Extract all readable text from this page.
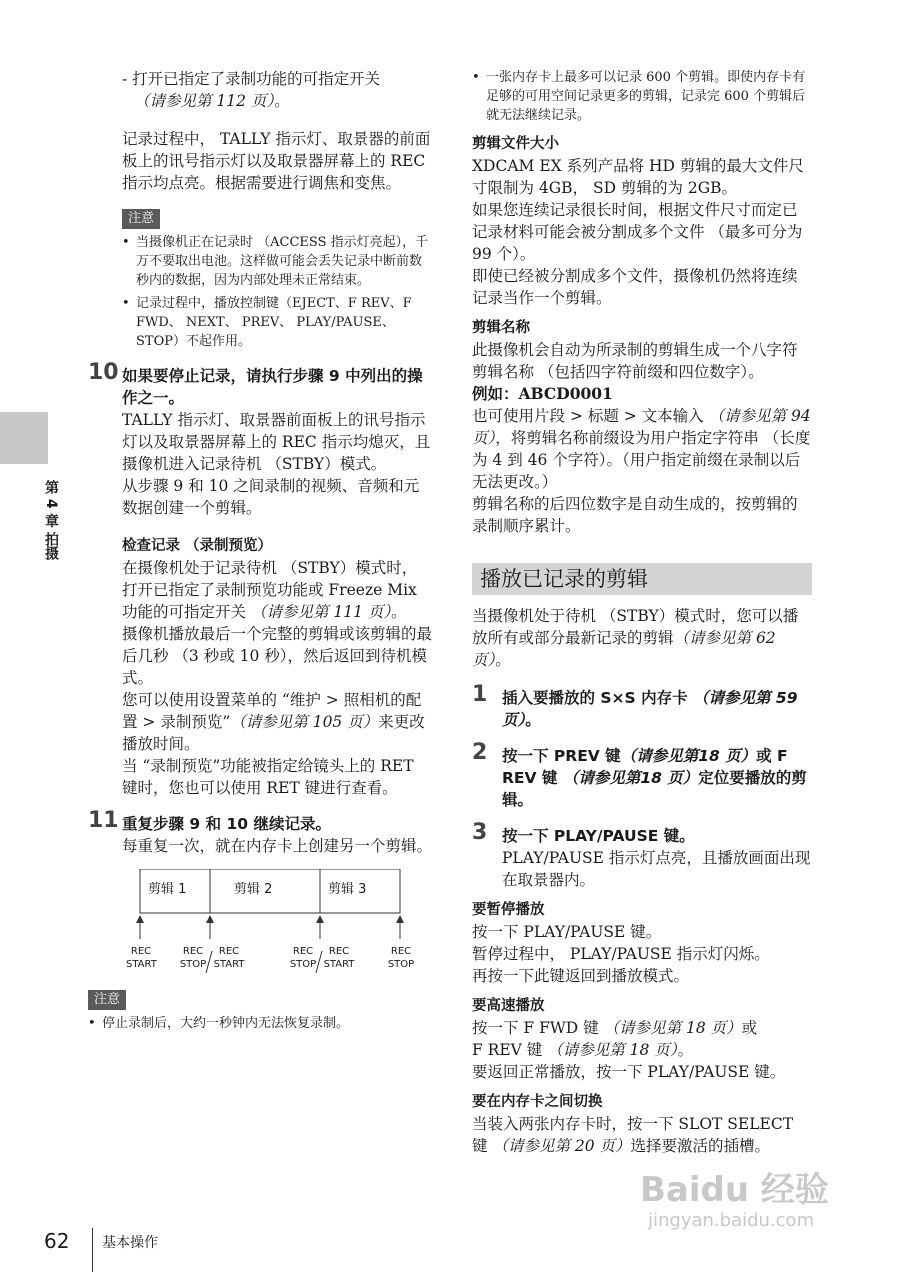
第 4 章 拍摄

- 打开已指定了录制功能的可指定开关
（请参见第 112 页）。

记录过程中， TALLY 指示灯、取景器的前面板上的讯号指示灯以及取景器屏幕上的 REC 指示均点亮。根据需要进行调焦和变焦。

注意

• 当摄像机正在记录时 （ACCESS 指示灯亮起），千万不要取出电池。这样做可能会丢失记录中断前数秒内的数据，因为内部处理未正常结束。

• 记录过程中，播放控制键（EJECT、F REV、F FWD、 NEXT、 PREV、 PLAY/PAUSE、STOP）不起作用。

10 如果要停止记录，请执行步骤 9 中列出的操作之一。

TALLY 指示灯、取景器前面板上的讯号指示灯以及取景器屏幕上的 REC 指示均熄灭，且摄像机进入记录待机 （STBY）模式。

从步骤 9 和 10 之间录制的视频、音频和元数据创建一个剪辑。

检查记录 （录制预览）

在摄像机处于记录待机 （STBY）模式时，打开已指定了录制预览功能或 Freeze Mix 功能的可指定开关 （请参见第 111 页）。

摄像机播放最后一个完整的剪辑或该剪辑的最后几秒 （3 秒或 10 秒），然后返回到待机模式。

您可以使用设置菜单的 “维护 > 照相机的配置 > 录制预览”（请参见第 105 页）来更改播放时间。

当 “录制预览”功能被指定给镜头上的 RET 键时，您也可以使用 RET 键进行查看。

11 重复步骤 9 和 10 继续记录。

每重复一次，就在内存卡上创建另一个剪辑。

剪辑 1	剪辑 2	剪辑 3
REC
START
REC
STOP
REC
START
REC
STOP
REC
START
REC
STOP
注意

• 停止录制后，大约一秒钟内无法恢复录制。

• 一张内存卡上最多可以记录 600 个剪辑。即使内存卡有足够的可用空间记录更多的剪辑，记录完 600 个剪辑后就无法继续记录。

剪辑文件大小

XDCAM EX 系列产品将 HD 剪辑的最大文件尺寸限制为 4GB， SD 剪辑的为 2GB。

如果您连续记录很长时间，根据文件尺寸而定已记录材料可能会被分割成多个文件 （最多可分为 99 个）。

即使已经被分割成多个文件，摄像机仍然将连续记录当作一个剪辑。

剪辑名称

此摄像机会自动为所录制的剪辑生成一个八字符剪辑名称 （包括四字符前缀和四位数字）。

例如：ABCD0001

也可使用片段 > 标题 > 文本输入 （请参见第 94 页），将剪辑名称前缀设为用户指定字符串 （长度为 4 到 46 个字符）。（用户指定前缀在录制以后无法更改。）

剪辑名称的后四位数字是自动生成的，按剪辑的录制顺序累计。

播放已记录的剪辑

当摄像机处于待机 （STBY）模式时，您可以播放所有或部分最新记录的剪辑（请参见第 62 页）。

1 插入要播放的 S×S 内存卡 （请参见第 59 页）。

2 按一下 PREV 键（请参见第18 页）或 F REV 键 （请参见第18 页）定位要播放的剪辑。

3 按一下 PLAY/PAUSE 键。

PLAY/PAUSE 指示灯点亮，且播放画面出现在取景器内。

要暂停播放

按一下 PLAY/PAUSE 键。

暂停过程中， PLAY/PAUSE 指示灯闪烁。

再按一下此键返回到播放模式。

要高速播放

按一下 F FWD 键 （请参见第 18 页）或

F REV 键 （请参见第 18 页）。

要返回正常播放，按一下 PLAY/PAUSE 键。

要在内存卡之间切换

当装入两张内存卡时，按一下 SLOT SELECT 键 （请参见第 20 页）选择要激活的插槽。

62 基本操作
Baidu 经验
jingyan.baidu.com
